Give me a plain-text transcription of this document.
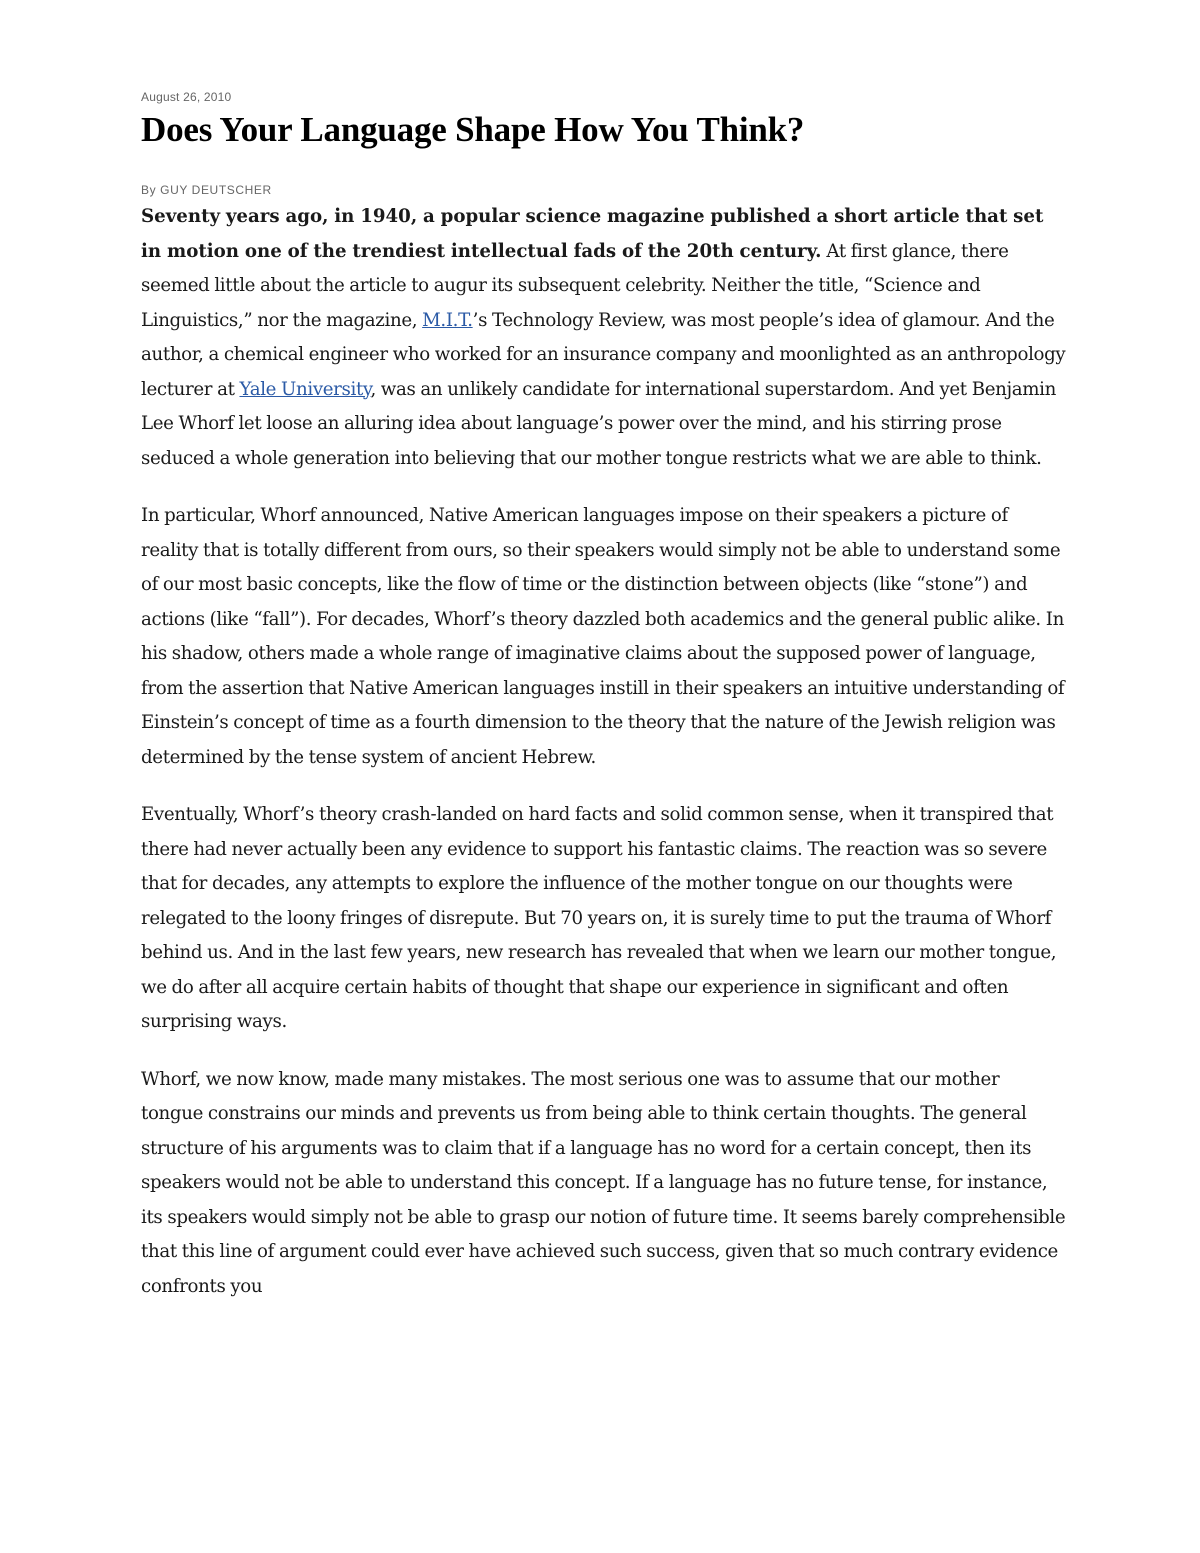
August 26, 2010

Does Your Language Shape How You Think?

By GUY DEUTSCHER

Seventy years ago, in 1940, a popular science magazine published a short article that set in motion one of the trendiest intellectual fads of the 20th century. At first glance, there seemed little about the article to augur its subsequent celebrity. Neither the title, “Science and Linguistics,” nor the magazine, M.I.T.’s Technology Review, was most people’s idea of glamour. And the author, a chemical engineer who worked for an insurance company and moonlighted as an anthropology lecturer at Yale University, was an unlikely candidate for international superstardom. And yet Benjamin Lee Whorf let loose an alluring idea about language’s power over the mind, and his stirring prose seduced a whole generation into believing that our mother tongue restricts what we are able to think.

In particular, Whorf announced, Native American languages impose on their speakers a picture of reality that is totally different from ours, so their speakers would simply not be able to understand some of our most basic concepts, like the flow of time or the distinction between objects (like “stone”) and actions (like “fall”). For decades, Whorf’s theory dazzled both academics and the general public alike. In his shadow, others made a whole range of imaginative claims about the supposed power of language, from the assertion that Native American languages instill in their speakers an intuitive understanding of Einstein’s concept of time as a fourth dimension to the theory that the nature of the Jewish religion was determined by the tense system of ancient Hebrew.

Eventually, Whorf’s theory crash-landed on hard facts and solid common sense, when it transpired that there had never actually been any evidence to support his fantastic claims. The reaction was so severe that for decades, any attempts to explore the influence of the mother tongue on our thoughts were relegated to the loony fringes of disrepute. But 70 years on, it is surely time to put the trauma of Whorf behind us. And in the last few years, new research has revealed that when we learn our mother tongue, we do after all acquire certain habits of thought that shape our experience in significant and often surprising ways.

Whorf, we now know, made many mistakes. The most serious one was to assume that our mother tongue constrains our minds and prevents us from being able to think certain thoughts. The general structure of his arguments was to claim that if a language has no word for a certain concept, then its speakers would not be able to understand this concept. If a language has no future tense, for instance, its speakers would simply not be able to grasp our notion of future time. It seems barely comprehensible that this line of argument could ever have achieved such success, given that so much contrary evidence confronts you
